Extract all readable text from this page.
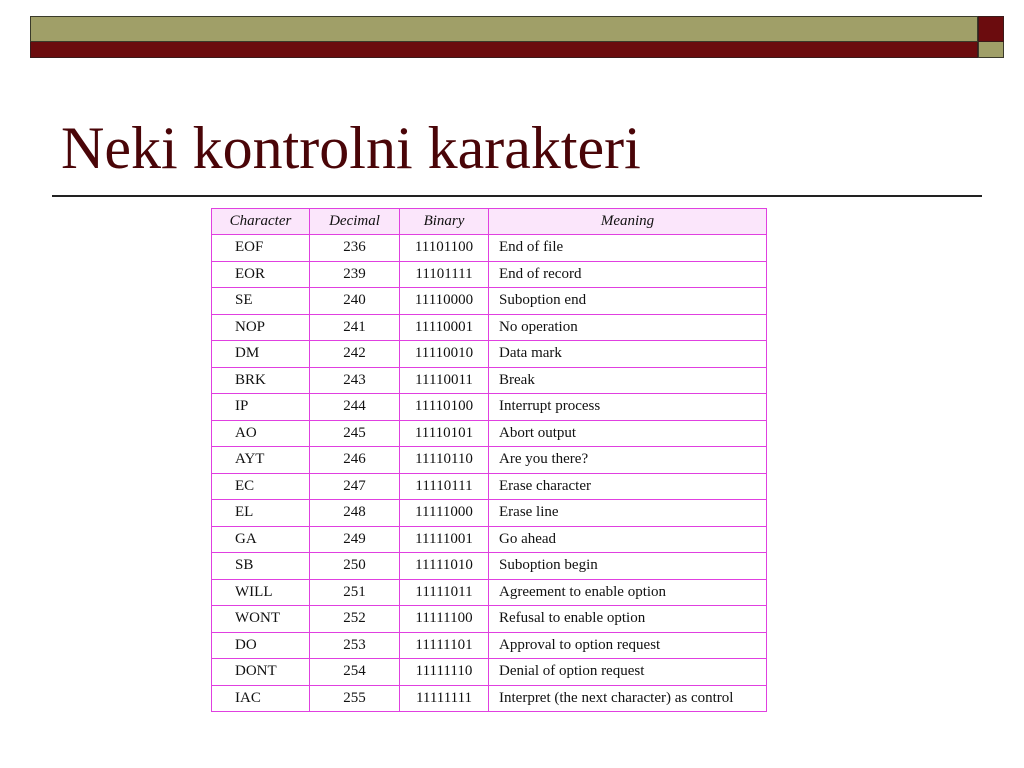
Neki kontrolni karakteri
Character	Decimal	Binary	Meaning
EOF	236	11101100	End of file
EOR	239	11101111	End of record
SE	240	11110000	Suboption end
NOP	241	11110001	No operation
DM	242	11110010	Data mark
BRK	243	11110011	Break
IP	244	11110100	Interrupt process
AO	245	11110101	Abort output
AYT	246	11110110	Are you there?
EC	247	11110111	Erase character
EL	248	11111000	Erase line
GA	249	11111001	Go ahead
SB	250	11111010	Suboption begin
WILL	251	11111011	Agreement to enable option
WONT	252	11111100	Refusal to enable option
DO	253	11111101	Approval to option request
DONT	254	11111110	Denial of option request
IAC	255	11111111	Interpret (the next character) as control
